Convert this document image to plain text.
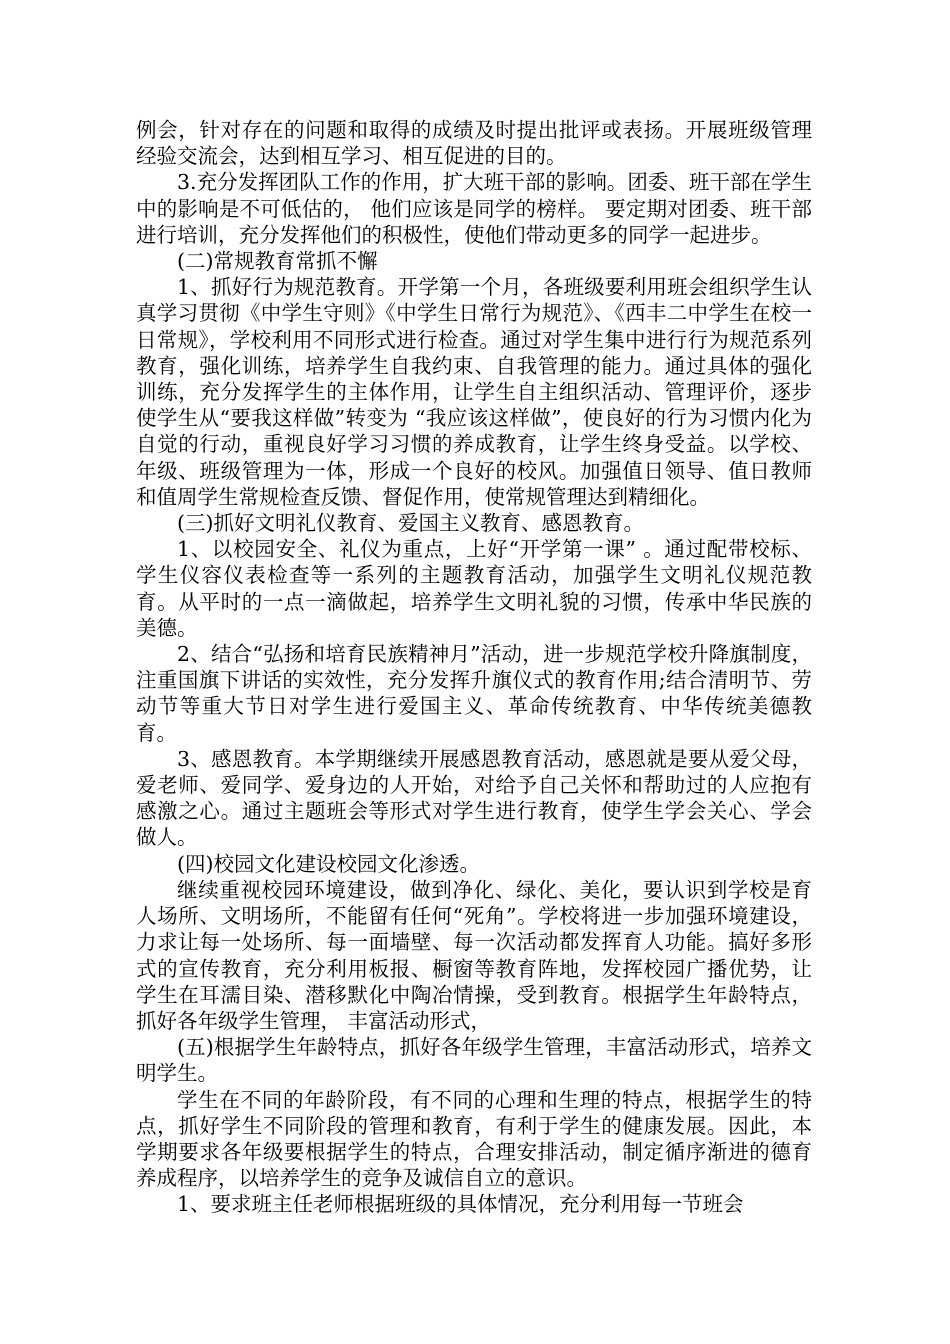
例会，针对存在的问题和取得的成绩及时提出批评或表扬。开展班级管理经验交流会，达到相互学习、相互促进的目的。

3.充分发挥团队工作的作用，扩大班干部的影响。团委、班干部在学生中的影响是不可低估的， 他们应该是同学的榜样。 要定期对团委、班干部进行培训，充分发挥他们的积极性，使他们带动更多的同学一起进步。

(二)常规教育常抓不懈

1、抓好行为规范教育。开学第一个月，各班级要利用班会组织学生认真学习贯彻《中学生守则》《中学生日常行为规范》、《西丰二中学生在校一日常规》，学校利用不同形式进行检查。通过对学生集中进行行为规范系列教育，强化训练，培养学生自我约束、自我管理的能力。通过具体的强化训练，充分发挥学生的主体作用，让学生自主组织活动、管理评价，逐步使学生从“要我这样做”转变为 “我应该这样做”，使良好的行为习惯内化为自觉的行动，重视良好学习习惯的养成教育，让学生终身受益。以学校、年级、班级管理为一体，形成一个良好的校风。加强值日领导、值日教师和值周学生常规检查反馈、督促作用，使常规管理达到精细化。

(三)抓好文明礼仪教育、爱国主义教育、感恩教育。

1、以校园安全、礼仪为重点，上好“开学第一课” 。通过配带校标、学生仪容仪表检查等一系列的主题教育活动，加强学生文明礼仪规范教育。从平时的一点一滴做起，培养学生文明礼貌的习惯，传承中华民族的美德。

2、结合“弘扬和培育民族精神月”活动，进一步规范学校升降旗制度，注重国旗下讲话的实效性，充分发挥升旗仪式的教育作用;结合清明节、劳动节等重大节日对学生进行爱国主义、革命传统教育、中华传统美德教育。

3、感恩教育。本学期继续开展感恩教育活动，感恩就是要从爱父母，爱老师、爱同学、爱身边的人开始，对给予自己关怀和帮助过的人应抱有感激之心。通过主题班会等形式对学生进行教育，使学生学会关心、学会做人。

(四)校园文化建设校园文化渗透。

继续重视校园环境建设，做到净化、绿化、美化，要认识到学校是育人场所、文明场所，不能留有任何“死角”。学校将进一步加强环境建设，力求让每一处场所、每一面墙壁、每一次活动都发挥育人功能。搞好多形式的宣传教育，充分利用板报、橱窗等教育阵地，发挥校园广播优势，让学生在耳濡目染、潜移默化中陶冶情操，受到教育。根据学生年龄特点， 抓好各年级学生管理， 丰富活动形式，

(五)根据学生年龄特点，抓好各年级学生管理，丰富活动形式，培养文明学生。

学生在不同的年龄阶段，有不同的心理和生理的特点，根据学生的特点，抓好学生不同阶段的管理和教育，有利于学生的健康发展。因此，本学期要求各年级要根据学生的特点，合理安排活动，制定循序渐进的德育养成程序，以培养学生的竞争及诚信自立的意识。

1、要求班主任老师根据班级的具体情况，充分利用每一节班会
